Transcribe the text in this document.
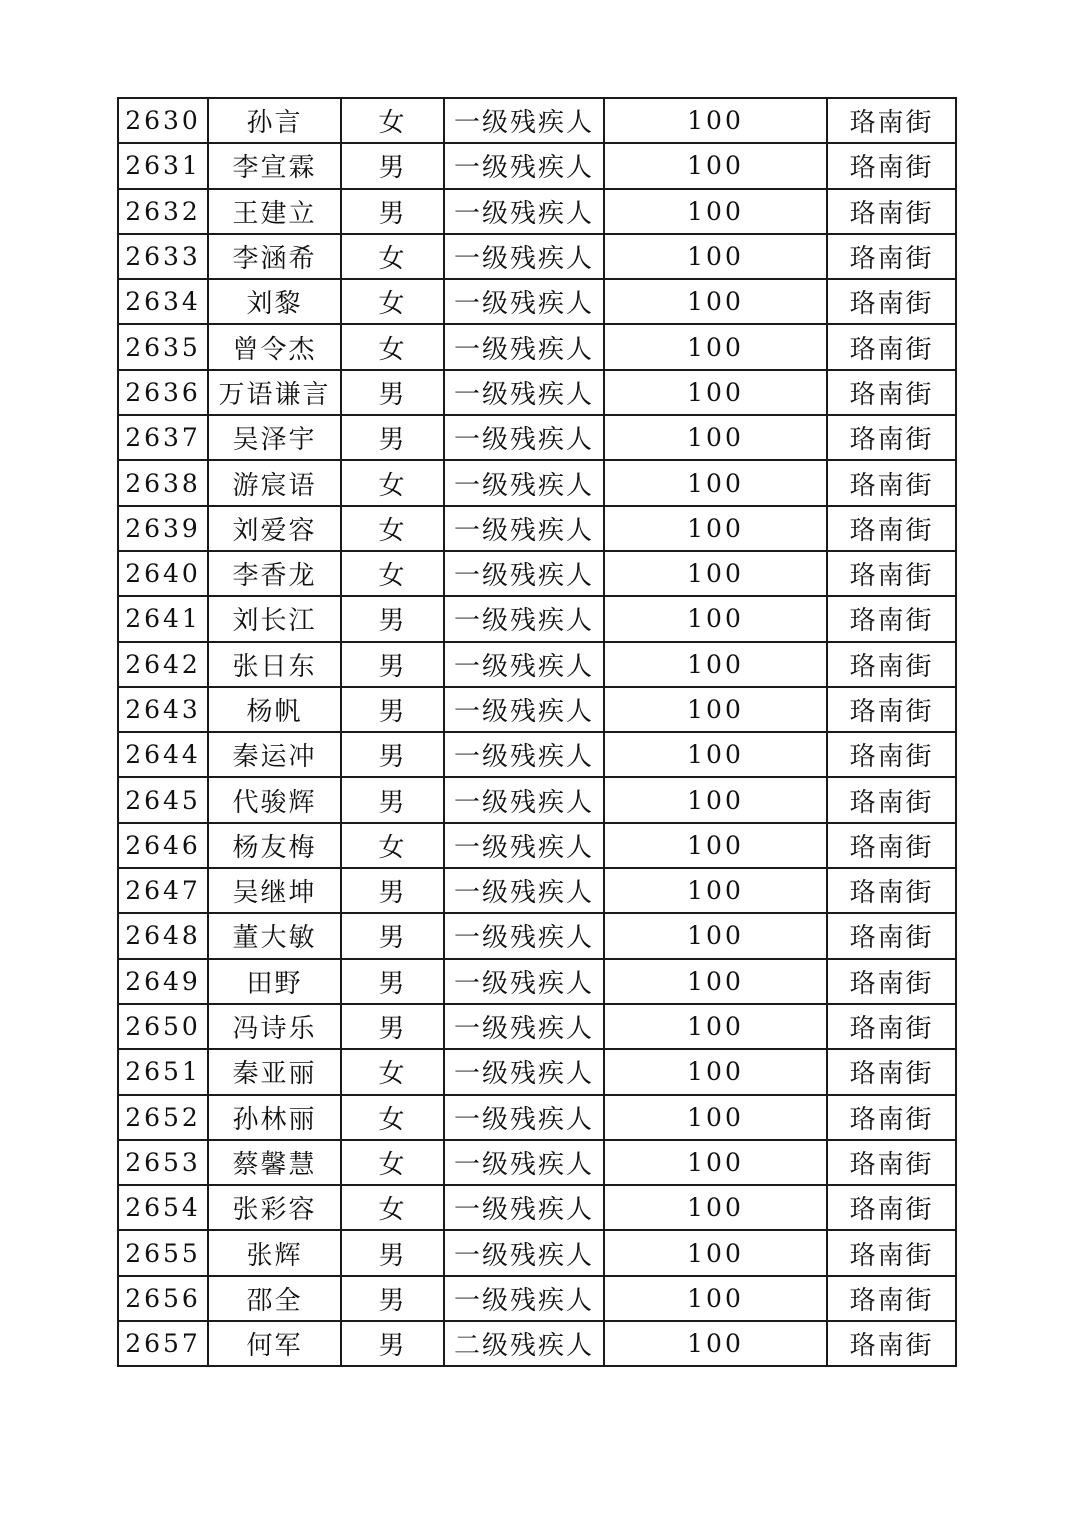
2630	孙言	女	一级残疾人	100	珞南街
2631	李宣霖	男	一级残疾人	100	珞南街
2632	王建立	男	一级残疾人	100	珞南街
2633	李涵希	女	一级残疾人	100	珞南街
2634	刘黎	女	一级残疾人	100	珞南街
2635	曾令杰	女	一级残疾人	100	珞南街
2636	万语谦言	男	一级残疾人	100	珞南街
2637	吴泽宇	男	一级残疾人	100	珞南街
2638	游宸语	女	一级残疾人	100	珞南街
2639	刘爱容	女	一级残疾人	100	珞南街
2640	李香龙	女	一级残疾人	100	珞南街
2641	刘长江	男	一级残疾人	100	珞南街
2642	张日东	男	一级残疾人	100	珞南街
2643	杨帆	男	一级残疾人	100	珞南街
2644	秦运冲	男	一级残疾人	100	珞南街
2645	代骏辉	男	一级残疾人	100	珞南街
2646	杨友梅	女	一级残疾人	100	珞南街
2647	吴继坤	男	一级残疾人	100	珞南街
2648	董大敏	男	一级残疾人	100	珞南街
2649	田野	男	一级残疾人	100	珞南街
2650	冯诗乐	男	一级残疾人	100	珞南街
2651	秦亚丽	女	一级残疾人	100	珞南街
2652	孙林丽	女	一级残疾人	100	珞南街
2653	蔡馨慧	女	一级残疾人	100	珞南街
2654	张彩容	女	一级残疾人	100	珞南街
2655	张辉	男	一级残疾人	100	珞南街
2656	邵全	男	一级残疾人	100	珞南街
2657	何军	男	二级残疾人	100	珞南街
